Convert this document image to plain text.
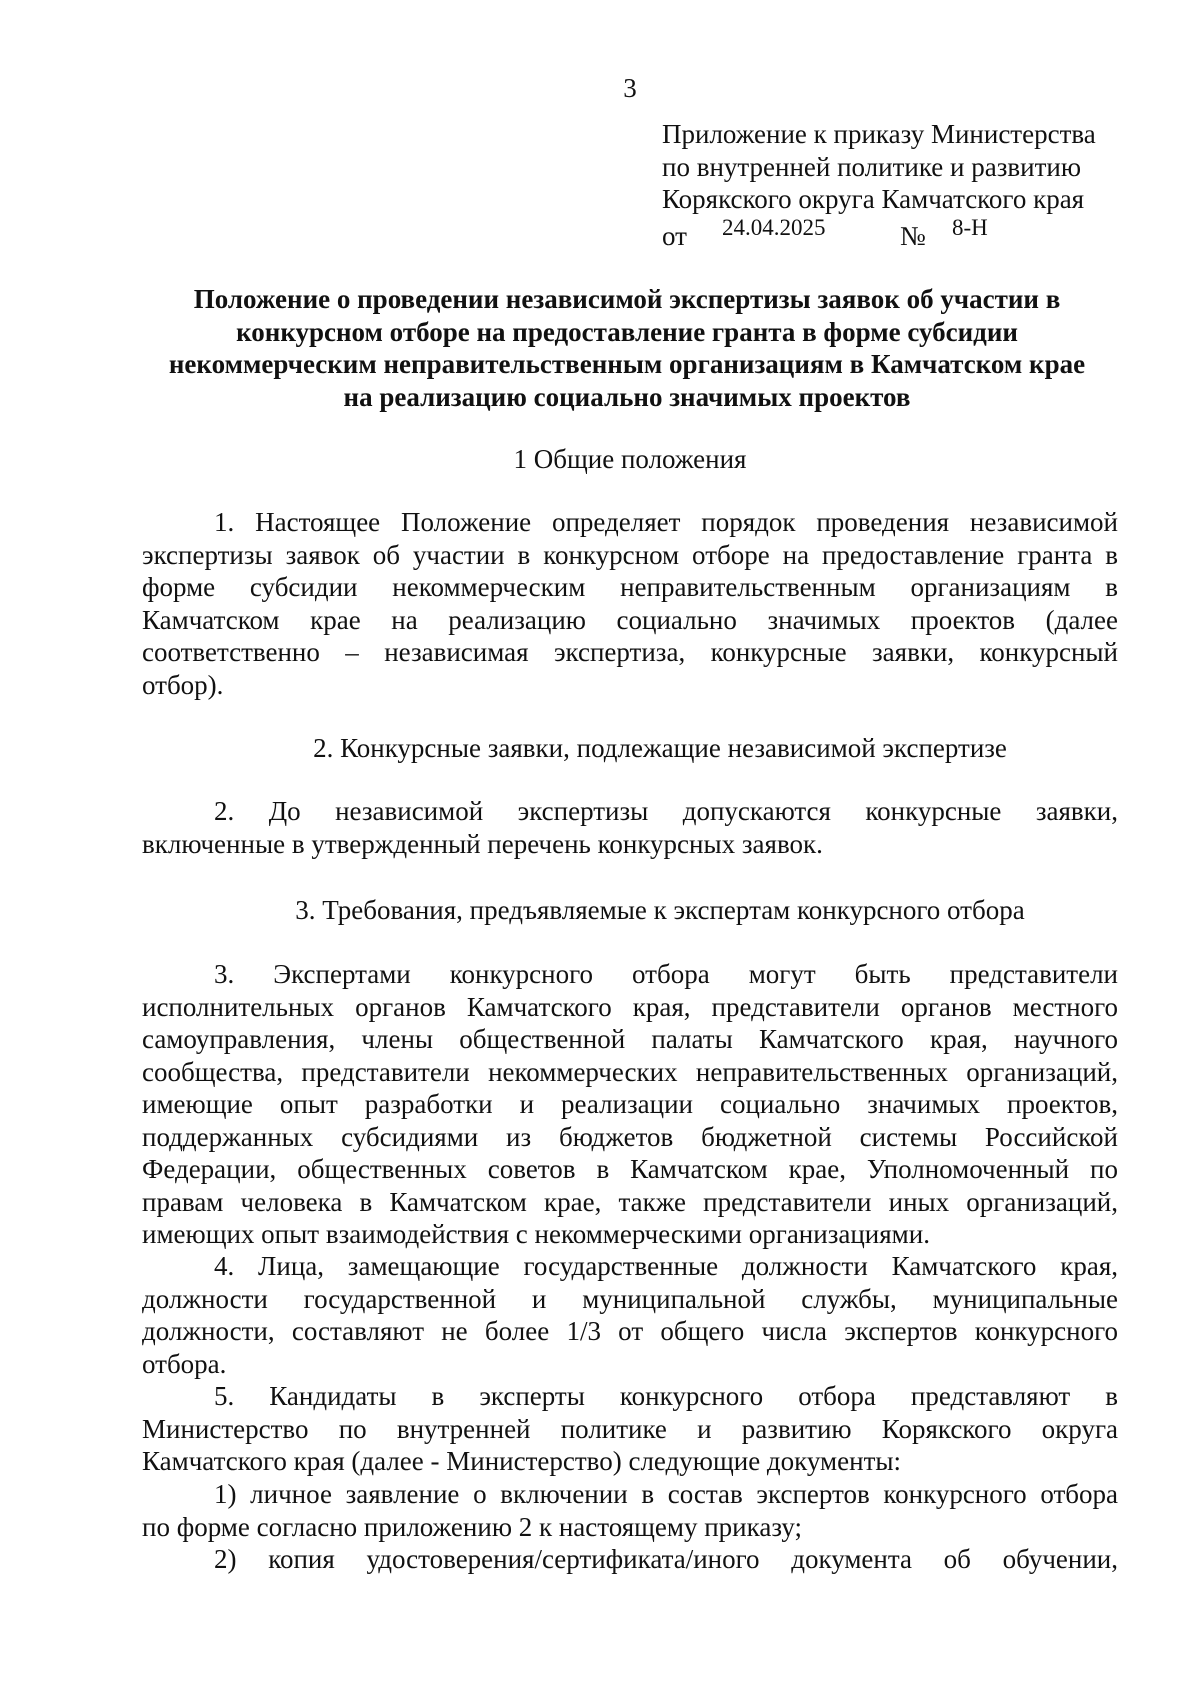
3
Приложение к приказу Министерства
по внутренней политике и развитию
Корякского округа Камчатского края
от 24.04.2025	№ 8-Н
Положение о проведении независимой экспертизы заявок об участии в
конкурсном отборе на предоставление гранта в форме субсидии
некоммерческим неправительственным организациям в Камчатском крае
на реализацию социально значимых проектов
1 Общие положения
1. Настоящее Положение определяет порядок проведения независимой
экспертизы заявок об участии в конкурсном отборе на предоставление гранта в
форме субсидии некоммерческим неправительственным организациям в
Камчатском крае на реализацию социально значимых проектов (далее
соответственно – независимая экспертиза, конкурсные заявки, конкурсный
отбор).
2. Конкурсные заявки, подлежащие независимой экспертизе
2. До независимой экспертизы допускаются конкурсные заявки,
включенные в утвержденный перечень конкурсных заявок.
3. Требования, предъявляемые к экспертам конкурсного отбора
3. Экспертами конкурсного отбора могут быть представители
исполнительных органов Камчатского края, представители органов местного
самоуправления, члены общественной палаты Камчатского края, научного
сообщества, представители некоммерческих неправительственных организаций,
имеющие опыт разработки и реализации социально значимых проектов,
поддержанных субсидиями из бюджетов бюджетной системы Российской
Федерации, общественных советов в Камчатском крае, Уполномоченный по
правам человека в Камчатском крае, также представители иных организаций,
имеющих опыт взаимодействия с некоммерческими организациями.
4. Лица, замещающие государственные должности Камчатского края,
должности государственной и муниципальной службы, муниципальные
должности, составляют не более 1/3 от общего числа экспертов конкурсного
отбора.
5. Кандидаты в эксперты конкурсного отбора представляют в
Министерство по внутренней политике и развитию Корякского округа
Камчатского края (далее - Министерство) следующие документы:
1) личное заявление о включении в состав экспертов конкурсного отбора
по форме согласно приложению 2 к настоящему приказу;
2) копия удостоверения/сертификата/иного документа об обучении,
